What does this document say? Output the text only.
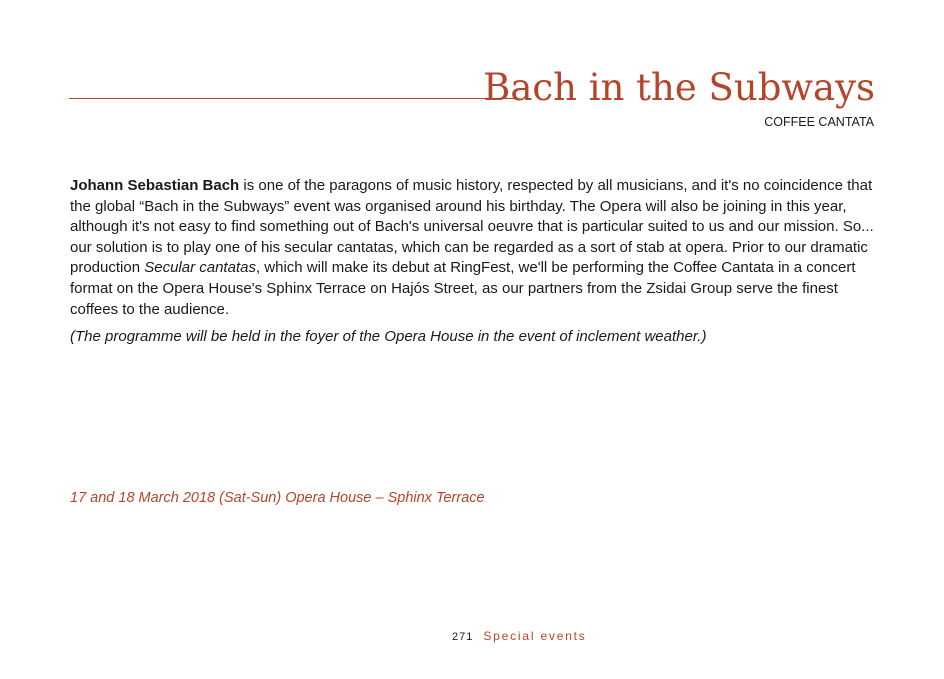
Bach in the Subways
COFFEE CANTATA

Johann Sebastian Bach is one of the paragons of music history, respected by all musicians, and it's no coincidence that the global “Bach in the Subways” event was organised around his birthday. The Opera will also be joining in this year, although it's not easy to find something out of Bach's universal oeuvre that is particular suited to us and our mission. So... our solution is to play one of his secular cantatas, which can be regarded as a sort of stab at opera. Prior to our dramatic production Secular cantatas, which will make its debut at RingFest, we'll be performing the Coffee Cantata in a concert format on the Opera House's Sphinx Terrace on Hajós Street, as our partners from the Zsidai Group serve the finest coffees to the audience.

(The programme will be held in the foyer of the Opera House in the event of inclement weather.)

17 and 18 March 2018 (Sat-Sun) Opera House – Sphinx Terrace

271 Special events
